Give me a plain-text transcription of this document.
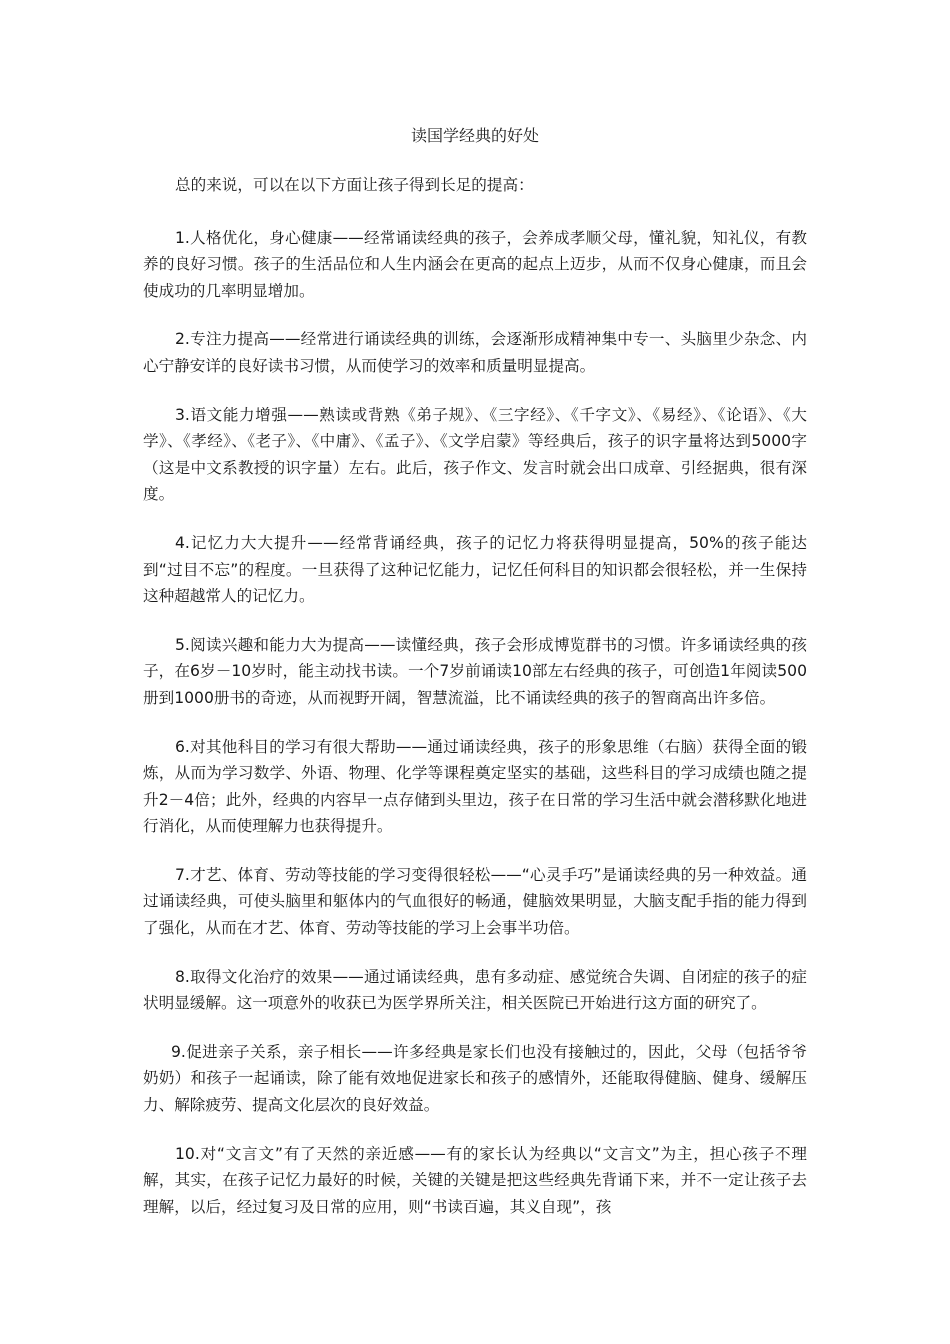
读国学经典的好处

总的来说，可以在以下方面让孩子得到长足的提高：

1.人格优化，身心健康——经常诵读经典的孩子，会养成孝顺父母，懂礼貌，知礼仪，有教养的良好习惯。孩子的生活品位和人生内涵会在更高的起点上迈步，从而不仅身心健康，而且会使成功的几率明显增加。

2.专注力提高——经常进行诵读经典的训练，会逐渐形成精神集中专一、头脑里少杂念、内心宁静安详的良好读书习惯，从而使学习的效率和质量明显提高。

3.语文能力增强——熟读或背熟《弟子规》、《三字经》、《千字文》、《易经》、《论语》、《大学》、《孝经》、《老子》、《中庸》、《孟子》、《文学启蒙》等经典后，孩子的识字量将达到5000字（这是中文系教授的识字量）左右。此后，孩子作文、发言时就会出口成章、引经据典，很有深度。

4.记忆力大大提升——经常背诵经典，孩子的记忆力将获得明显提高，50%的孩子能达到“过目不忘”的程度。一旦获得了这种记忆能力，记忆任何科目的知识都会很轻松，并一生保持这种超越常人的记忆力。

5.阅读兴趣和能力大为提高——读懂经典，孩子会形成博览群书的习惯。许多诵读经典的孩子，在6岁－10岁时，能主动找书读。一个7岁前诵读10部左右经典的孩子，可创造1年阅读500册到1000册书的奇迹，从而视野开阔，智慧流溢，比不诵读经典的孩子的智商高出许多倍。

6.对其他科目的学习有很大帮助——通过诵读经典，孩子的形象思维（右脑）获得全面的锻炼，从而为学习数学、外语、物理、化学等课程奠定坚实的基础，这些科目的学习成绩也随之提升2－4倍；此外，经典的内容早一点存储到头里边，孩子在日常的学习生活中就会潜移默化地进行消化，从而使理解力也获得提升。

7.才艺、体育、劳动等技能的学习变得很轻松——“心灵手巧”是诵读经典的另一种效益。通过诵读经典，可使头脑里和躯体内的气血很好的畅通，健脑效果明显，大脑支配手指的能力得到了强化，从而在才艺、体育、劳动等技能的学习上会事半功倍。

8.取得文化治疗的效果——通过诵读经典，患有多动症、感觉统合失调、自闭症的孩子的症状明显缓解。这一项意外的收获已为医学界所关注，相关医院已开始进行这方面的研究了。

9.促进亲子关系，亲子相长——许多经典是家长们也没有接触过的，因此，父母（包括爷爷奶奶）和孩子一起诵读，除了能有效地促进家长和孩子的感情外，还能取得健脑、健身、缓解压力、解除疲劳、提高文化层次的良好效益。

10.对“文言文”有了天然的亲近感——有的家长认为经典以“文言文”为主，担心孩子不理解，其实，在孩子记忆力最好的时候，关键的关键是把这些经典先背诵下来，并不一定让孩子去理解，以后，经过复习及日常的应用，则“书读百遍，其义自现”，孩
